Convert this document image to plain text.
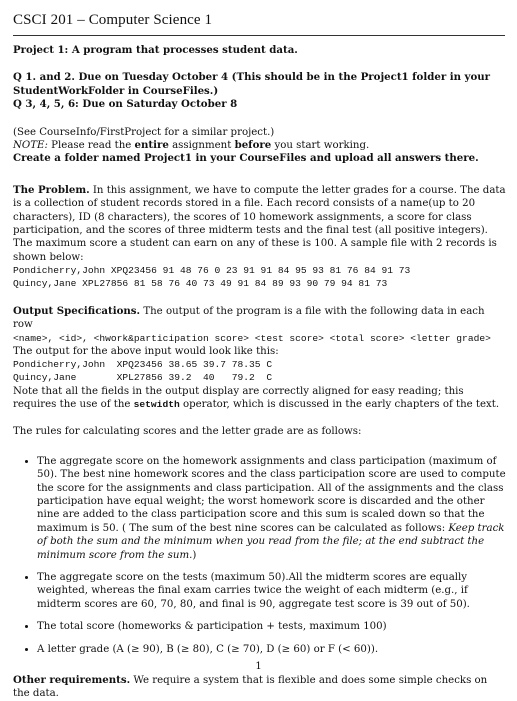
CSCI 201 – Computer Science 1

Project 1: A program that processes student data.

Q 1. and 2. Due on Tuesday October 4 (This should be in the Project1 folder in your StudentWorkFolder in CourseFiles.)

Q 3, 4, 5, 6: Due on Saturday October 8

(See CourseInfo/FirstProject for a similar project.)

NOTE: Please read the entire assignment before you start working.

Create a folder named Project1 in your CourseFiles and upload all answers there.

The Problem. In this assignment, we have to compute the letter grades for a course. The data is a collection of student records stored in a file. Each record consists of a name(up to 20 characters), ID (8 characters), the scores of 10 homework assignments, a score for class participation, and the scores of three midterm tests and the final test (all positive integers). The maximum score a student can earn on any of these is 100. A sample file with 2 records is shown below:

Pondicherry,John XPQ23456 91 48 76 0 23 91 91 84 95 93 81 76 84 91 73
Quincy,Jane XPL27856 81 58 76 40 73 49 91 84 89 93 90 79 94 81 73

Output Specifications. The output of the program is a file with the following data in each row

<name>, <id>, <hwork&participation score> <test score> <total score> <letter grade>

The output for the above input would look like this:

Pondicherry,John  XPQ23456 38.65 39.7 78.35 C
Quincy,Jane       XPL27856 39.2  40   79.2  C

Note that all the fields in the output display are correctly aligned for easy reading; this requires the use of the setwidth operator, which is discussed in the early chapters of the text.

The rules for calculating scores and the letter grade are as follows:

• The aggregate score on the homework assignments and class participation (maximum of 50). The best nine homework scores and the class participation score are used to compute the score for the assignments and class participation. All of the assignments and the class participation have equal weight; the worst homework score is discarded and the other nine are added to the class participation score and this sum is scaled down so that the maximum is 50. ( The sum of the best nine scores can be calculated as follows: Keep track of both the sum and the minimum when you read from the file; at the end subtract the minimum score from the sum.)
• The aggregate score on the tests (maximum 50).All the midterm scores are equally weighted, whereas the final exam carries twice the weight of each midterm (e.g., if midterm scores are 60, 70, 80, and final is 90, aggregate test score is 39 out of 50).
• The total score (homeworks & participation + tests, maximum 100)
• A letter grade (A (≥ 90), B (≥ 80), C (≥ 70), D (≥ 60) or F (< 60)).

Other requirements. We require a system that is flexible and does some simple checks on the data.

1
